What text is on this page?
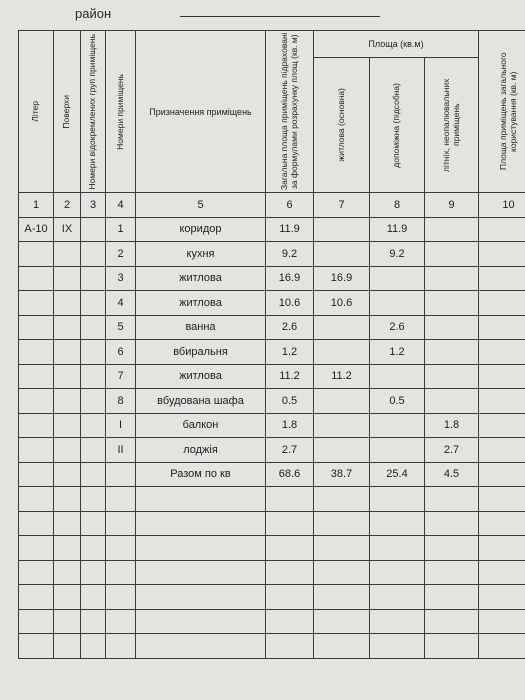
район
Літер	Поверхи	Номери відокремлених груп приміщень	Номери приміщень	Призначення приміщень	Загальна площа приміщень підраховані за формулами розрахунку площ (кв. м)	Площа (кв.м)			Площа приміщень загального користування (кв. м)

						житлова (основна)	допоміжна (підсобна)	літніх, неопалювальних приміщень	

1	2	3	4	5	6	7	8	9	10
А-10	IX		1	коридор	11.9		11.9		
			2	кухня	9.2		9.2		
			3	житлова	16.9	16.9			
			4	житлова	10.6	10.6			
			5	ванна	2.6		2.6		
			6	вбиральня	1.2		1.2		
			7	житлова	11.2	11.2			
			8	вбудована шафа	0.5		0.5		
			I	балкон	1.8			1.8	
			II	лоджія	2.7			2.7	
				Разом по кв	68.6	38.7	25.4	4.5	
